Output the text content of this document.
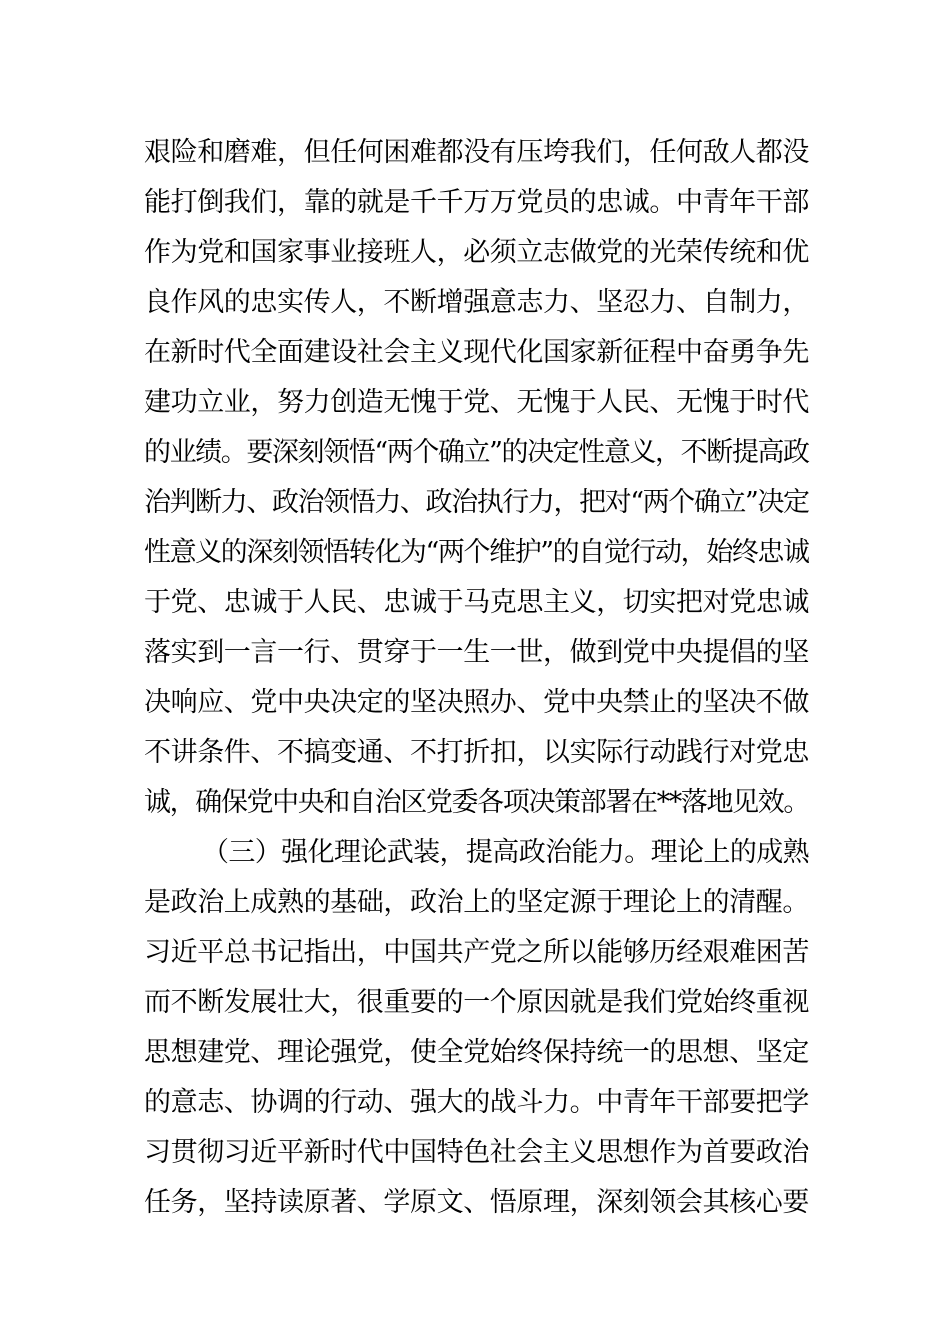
艰险和磨难，但任何困难都没有压垮我们，任何敌人都没
能打倒我们，靠的就是千千万万党员的忠诚。中青年干部
作为党和国家事业接班人，必须立志做党的光荣传统和优
良作风的忠实传人，不断增强意志力、坚忍力、自制力，
在新时代全面建设社会主义现代化国家新征程中奋勇争先
建功立业，努力创造无愧于党、无愧于人民、无愧于时代
的业绩。要深刻领悟“两个确立”的决定性意义，不断提高政
治判断力、政治领悟力、政治执行力，把对“两个确立”决定
性意义的深刻领悟转化为“两个维护”的自觉行动，始终忠诚
于党、忠诚于人民、忠诚于马克思主义，切实把对党忠诚
落实到一言一行、贯穿于一生一世，做到党中央提倡的坚
决响应、党中央决定的坚决照办、党中央禁止的坚决不做
不讲条件、不搞变通、不打折扣，以实际行动践行对党忠
诚，确保党中央和自治区党委各项决策部署在**落地见效。
（三）强化理论武装，提高政治能力。理论上的成熟
是政治上成熟的基础，政治上的坚定源于理论上的清醒。
习近平总书记指出，中国共产党之所以能够历经艰难困苦
而不断发展壮大，很重要的一个原因就是我们党始终重视
思想建党、理论强党，使全党始终保持统一的思想、坚定
的意志、协调的行动、强大的战斗力。中青年干部要把学
习贯彻习近平新时代中国特色社会主义思想作为首要政治
任务，坚持读原著、学原文、悟原理，深刻领会其核心要
